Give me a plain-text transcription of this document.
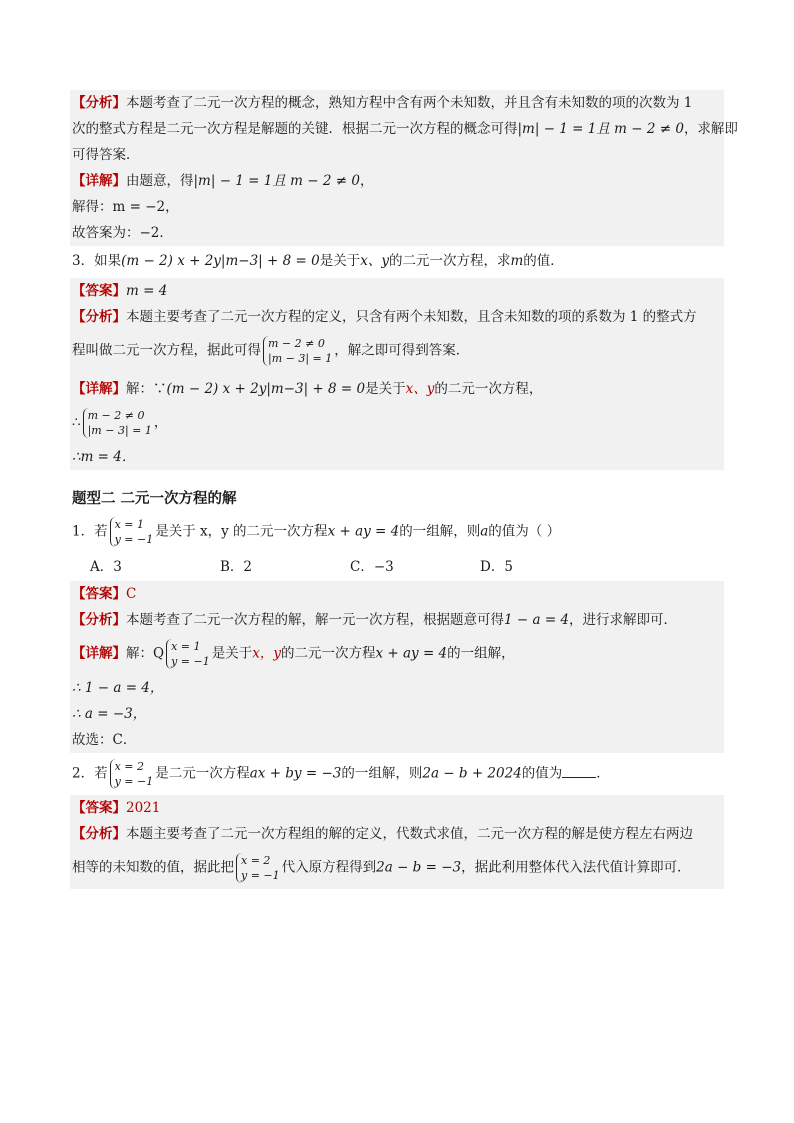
【分析】本题考查了二元一次方程的概念，熟知方程中含有两个未知数，并且含有未知数的项的次数为 1
次的整式方程是二元一次方程是解题的关键．根据二元一次方程的概念可得|m| − 1 = 1且 m − 2 ≠ 0，求解即
可得答案．
【详解】由题意，得|m| − 1 = 1且 m − 2 ≠ 0，
解得：m = −2，
故答案为：−2．
3．如果(m − 2) x + 2y|m−3| + 8 = 0是关于x、y的二元一次方程，求m的值．
【答案】m = 4
【分析】本题主要考查了二元一次方程的定义，只含有两个未知数，且含未知数的项的系数为 1 的整式方
程叫做二元一次方程，据此可得 m − 2 ≠ 0
|m − 3| = 1 ，解之即可得到答案．
【详解】解：∵(m − 2) x + 2y|m−3| + 8 = 0是关于x、y的二元一次方程，
∴ m − 2 ≠ 0
|m − 3| = 1 ，
∴m = 4．
题型二 二元一次方程的解
1．若 x = 1
y = −1 是关于 x，y 的二元一次方程x + ay = 4的一组解，则a的值为（ ）
A．3	B．2	C．−3	D．5
【答案】C
【分析】本题考查了二元一次方程的解，解一元一次方程，根据题意可得1 − a = 4，进行求解即可．
【详解】解：Q x = 1
y = −1 是关于x，y的二元一次方程x + ay = 4的一组解，
∴ 1 − a = 4，
∴ a = −3，
故选：C．
2．若 x = 2
y = −1 是二元一次方程ax + by = −3的一组解，则2a − b + 2024的值为	．
【答案】2021
【分析】本题主要考查了二元一次方程组的解的定义，代数式求值，二元一次方程的解是使方程左右两边
相等的未知数的值，据此把 x = 2
y = −1 代入原方程得到2a − b = −3，据此利用整体代入法代值计算即可．
